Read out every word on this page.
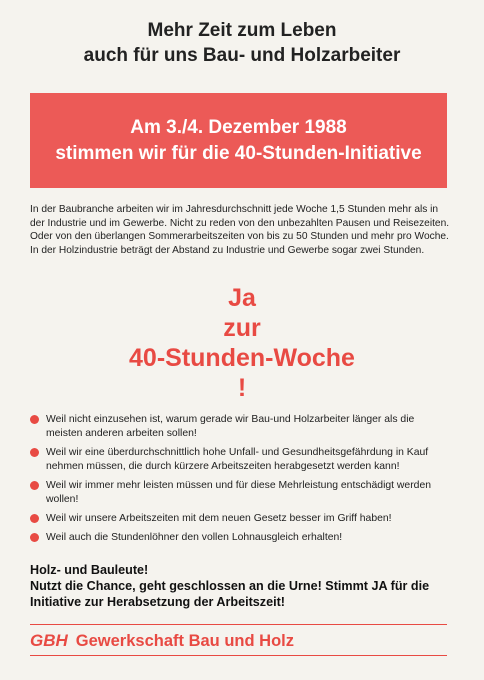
Mehr Zeit zum Leben
auch für uns Bau- und Holzarbeiter
Am 3./4. Dezember 1988
stimmen wir für die 40-Stunden-Initiative
In der Baubranche arbeiten wir im Jahresdurchschnitt jede Woche 1,5 Stunden mehr als in der Industrie und im Gewerbe. Nicht zu reden von den unbezahlten Pausen und Reisezeiten. Oder von den überlangen Sommerarbeitszeiten von bis zu 50 Stunden und mehr pro Woche. In der Holzindustrie beträgt der Abstand zu Industrie und Gewerbe sogar zwei Stunden.
Ja
zur
40-Stunden-Woche
!
Weil nicht einzusehen ist, warum gerade wir Bau-und Holzarbeiter länger als die meisten anderen arbeiten sollen!
Weil wir eine überdurchschnittlich hohe Unfall- und Gesundheitsgefährdung in Kauf nehmen müssen, die durch kürzere Arbeitszeiten herabgesetzt werden kann!
Weil wir immer mehr leisten müssen und für diese Mehrleistung entschädigt werden wollen!
Weil wir unsere Arbeitszeiten mit dem neuen Gesetz besser im Griff haben!
Weil auch die Stundenlöhner den vollen Lohnausgleich erhalten!
Holz- und Bauleute!
Nutzt die Chance, geht geschlossen an die Urne! Stimmt JA für die Initiative zur Herabsetzung der Arbeitszeit!
GBH Gewerkschaft Bau und Holz
